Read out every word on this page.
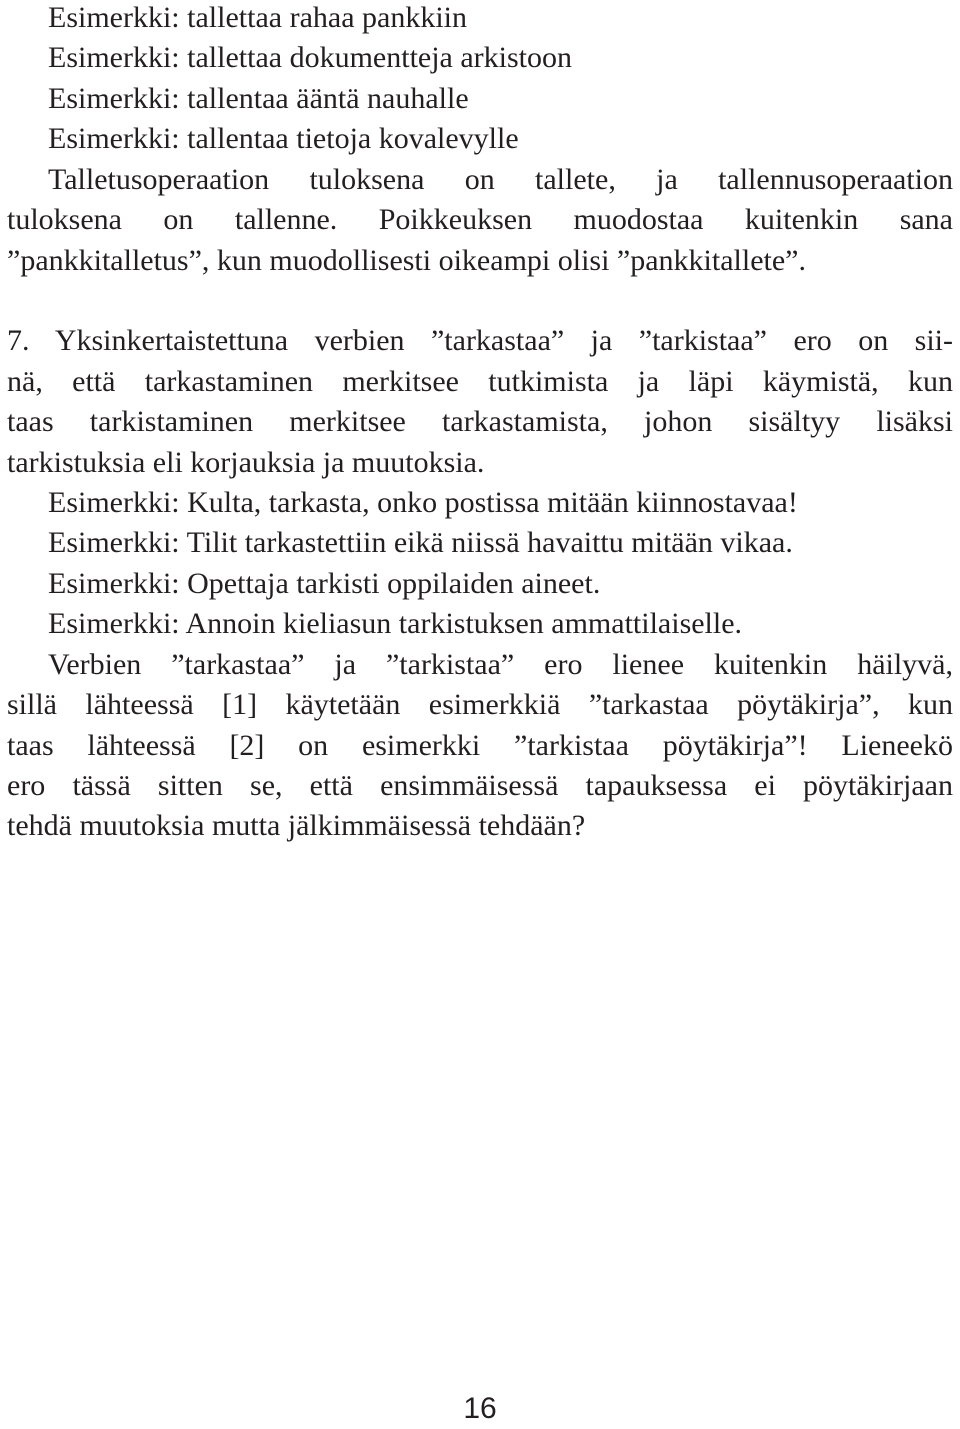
Esimerkki: tallettaa rahaa pankkiin
Esimerkki: tallettaa dokumentteja arkistoon
Esimerkki: tallentaa ääntä nauhalle
Esimerkki: tallentaa tietoja kovalevylle
Talletusoperaation tuloksena on tallete, ja tallennusoperaation
tuloksena on tallenne. Poikkeuksen muodostaa kuitenkin sana
”pankkitalletus”, kun muodollisesti oikeampi olisi ”pankkitallete”.
7. Yksinkertaistettuna verbien ”tarkastaa” ja ”tarkistaa” ero on sii-
nä, että tarkastaminen merkitsee tutkimista ja läpi käymistä, kun
taas tarkistaminen merkitsee tarkastamista, johon sisältyy lisäksi
tarkistuksia eli korjauksia ja muutoksia.
Esimerkki: Kulta, tarkasta, onko postissa mitään kiinnostavaa!
Esimerkki: Tilit tarkastettiin eikä niissä havaittu mitään vikaa.
Esimerkki: Opettaja tarkisti oppilaiden aineet.
Esimerkki: Annoin kieliasun tarkistuksen ammattilaiselle.
Verbien ”tarkastaa” ja ”tarkistaa” ero lienee kuitenkin häilyvä,
sillä lähteessä [1] käytetään esimerkkiä ”tarkastaa pöytäkirja”, kun
taas lähteessä [2] on esimerkki ”tarkistaa pöytäkirja”! Lieneekö
ero tässä sitten se, että ensimmäisessä tapauksessa ei pöytäkirjaan
tehdä muutoksia mutta jälkimmäisessä tehdään?
16
